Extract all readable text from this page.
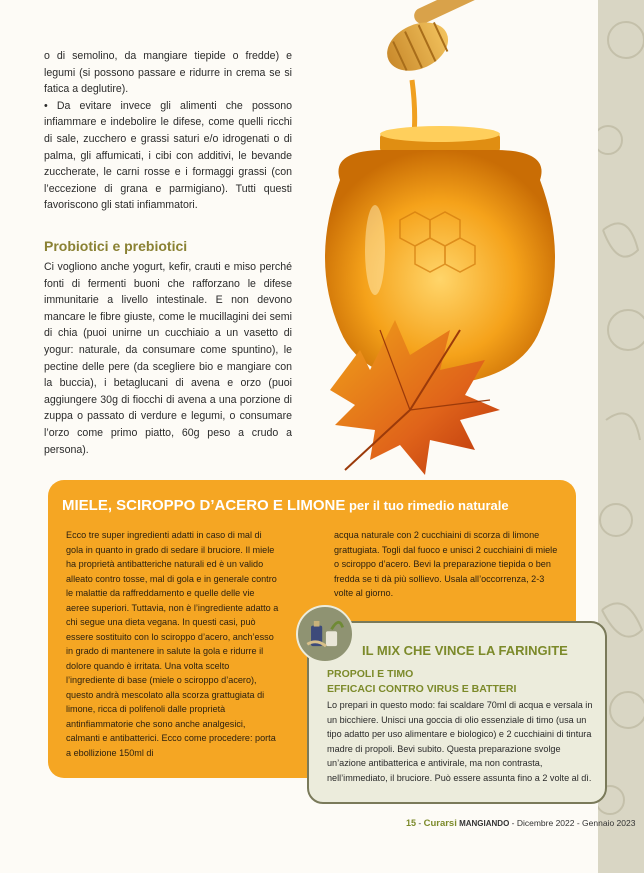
o di semolino, da mangiare tiepide o fredde) e legumi (si possono passare e ridurre in crema se si fatica a deglutire).

• Da evitare invece gli alimenti che possono infiammare e indebolire le difese, come quelli ricchi di sale, zucchero e grassi saturi e/o idrogenati o di palma, gli affumicati, i cibi con additivi, le bevande zuccherate, le carni rosse e i formaggi grassi (con l’eccezione di grana e parmigiano). Tutti questi favoriscono gli stati infiammatori.

Probiotici e prebiotici

Ci vogliono anche yogurt, kefir, crauti e miso perché fonti di fermenti buoni che rafforzano le difese immunitarie a livello intestinale. E non devono mancare le fibre giuste, come le mucillagini dei semi di chia (puoi unirne un cucchiaio a un vasetto di yogur: naturale, da consumare come spuntino), le pectine delle pere (da scegliere bio e mangiare con la buccia), i betaglucani di avena e orzo (puoi aggiungere 30g di fiocchi di avena a una porzione di zuppa o passato di verdure e legumi, o consumare l’orzo come primo piatto, 60g peso a crudo a persona).

MIELE, SCIROPPO D’ACERO E LIMONE per il tuo rimedio naturale

Ecco tre super ingredienti adatti in caso di mal di gola in quanto in grado di sedare il bruciore. Il miele ha proprietà antibatteriche naturali ed è un valido alleato contro tosse, mal di gola e in generale contro le malattie da raffreddamento e quelle delle vie aeree superiori. Tuttavia, non è l’ingrediente adatto a chi segue una dieta vegana. In questi casi, può essere sostituito con lo sciroppo d’acero, anch’esso in grado di mantenere in salute la gola e ridurre il dolore quando è irritata. Una volta scelto l’ingrediente di base (miele o sciroppo d’acero), questo andrà mescolato alla scorza grattugiata di limone, ricca di polifenoli dalle proprietà antinfiammatorie che sono anche analgesici, calmanti e antibatterici. Ecco come procedere: porta a ebollizione 150ml di

acqua naturale con 2 cucchiaini di scorza di limone grattugiata. Togli dal fuoco e unisci 2 cucchiaini di miele o sciroppo d’acero. Bevi la preparazione tiepida o ben fredda se ti dà più sollievo. Usala all’occorrenza, 2-3 volte al giorno.

IL MIX CHE VINCE LA FARINGITE
PROPOLI E TIMO
EFFICACI CONTRO VIRUS E BATTERI

Lo prepari in questo modo: fai scaldare 70ml di acqua e versala in un bicchiere. Unisci una goccia di olio essenziale di timo (usa un tipo adatto per uso alimentare e biologico) e 2 cucchiaini di tintura madre di propoli. Bevi subito. Questa preparazione svolge un’azione antibatterica e antivirale, ma non contrasta, nell’immediato, il bruciore. Può essere assunta fino a 2 volte al dì.

15 - Curarsi MANGIANDO - Dicembre 2022 - Gennaio 2023
